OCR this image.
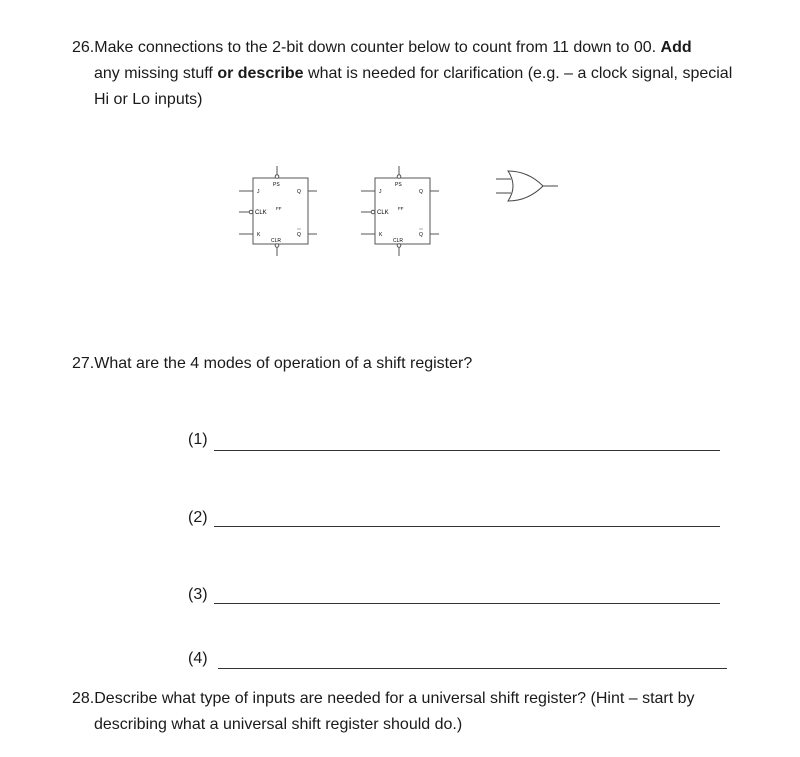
26.Make connections to the 2-bit down counter below to count from 11 down to 00. Add
any missing stuff or describe what is needed for clarification (e.g. – a clock signal, special
Hi or Lo inputs)
PS
CLR
J
CLK
FF
K
Q
Q
PS
CLR
J
CLK
FF
K
Q
Q
27.What are the 4 modes of operation of a shift register?
(1)
(2)
(3)
(4)
28.Describe what type of inputs are needed for a universal shift register? (Hint – start by
describing what a universal shift register should do.)
